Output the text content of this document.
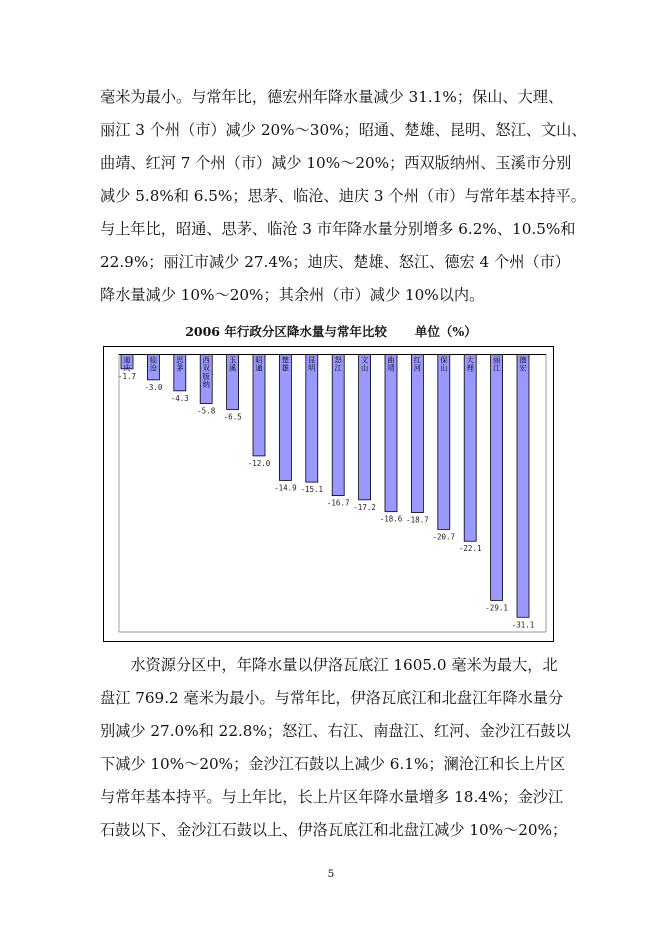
毫米为最小。与常年比，德宏州年降水量减少 31.1%；保山、大理、
丽江 3 个州（市）减少 20%～30%；昭通、楚雄、昆明、怒江、文山、
曲靖、红河 7 个州（市）减少 10%～20%；西双版纳州、玉溪市分别
减少 5.8%和 6.5%；思茅、临沧、迪庆 3 个州（市）与常年基本持平。
与上年比，昭通、思茅、临沧 3 市年降水量分别增多 6.2%、10.5%和
22.9%；丽江市减少 27.4%；迪庆、楚雄、怒江、德宏 4 个州（市）
降水量减少 10%～20%；其余州（市）减少 10%以内。
2006 年行政分区降水量与常年比较 单位（%）
迪庆
-1.7
临沧
-3.0
思茅
-4.3
西双版纳
-5.8
玉溪
-6.5
昭通
-12.0
楚雄
-14.9
昆明
-15.1
怒江
-16.7
文山
-17.2
曲靖
-18.6
红河
-18.7
保山
-20.7
大理
-22.1
丽江
-29.1
德宏
-31.1
　　水资源分区中，年降水量以伊洛瓦底江 1605.0 毫米为最大，北
盘江 769.2 毫米为最小。与常年比，伊洛瓦底江和北盘江年降水量分
别减少 27.0%和 22.8%；怒江、右江、南盘江、红河、金沙江石鼓以
下减少 10%～20%；金沙江石鼓以上减少 6.1%；澜沧江和长上片区
与常年基本持平。与上年比，长上片区年降水量增多 18.4%；金沙江
石鼓以下、金沙江石鼓以上、伊洛瓦底江和北盘江减少 10%～20%；
5
